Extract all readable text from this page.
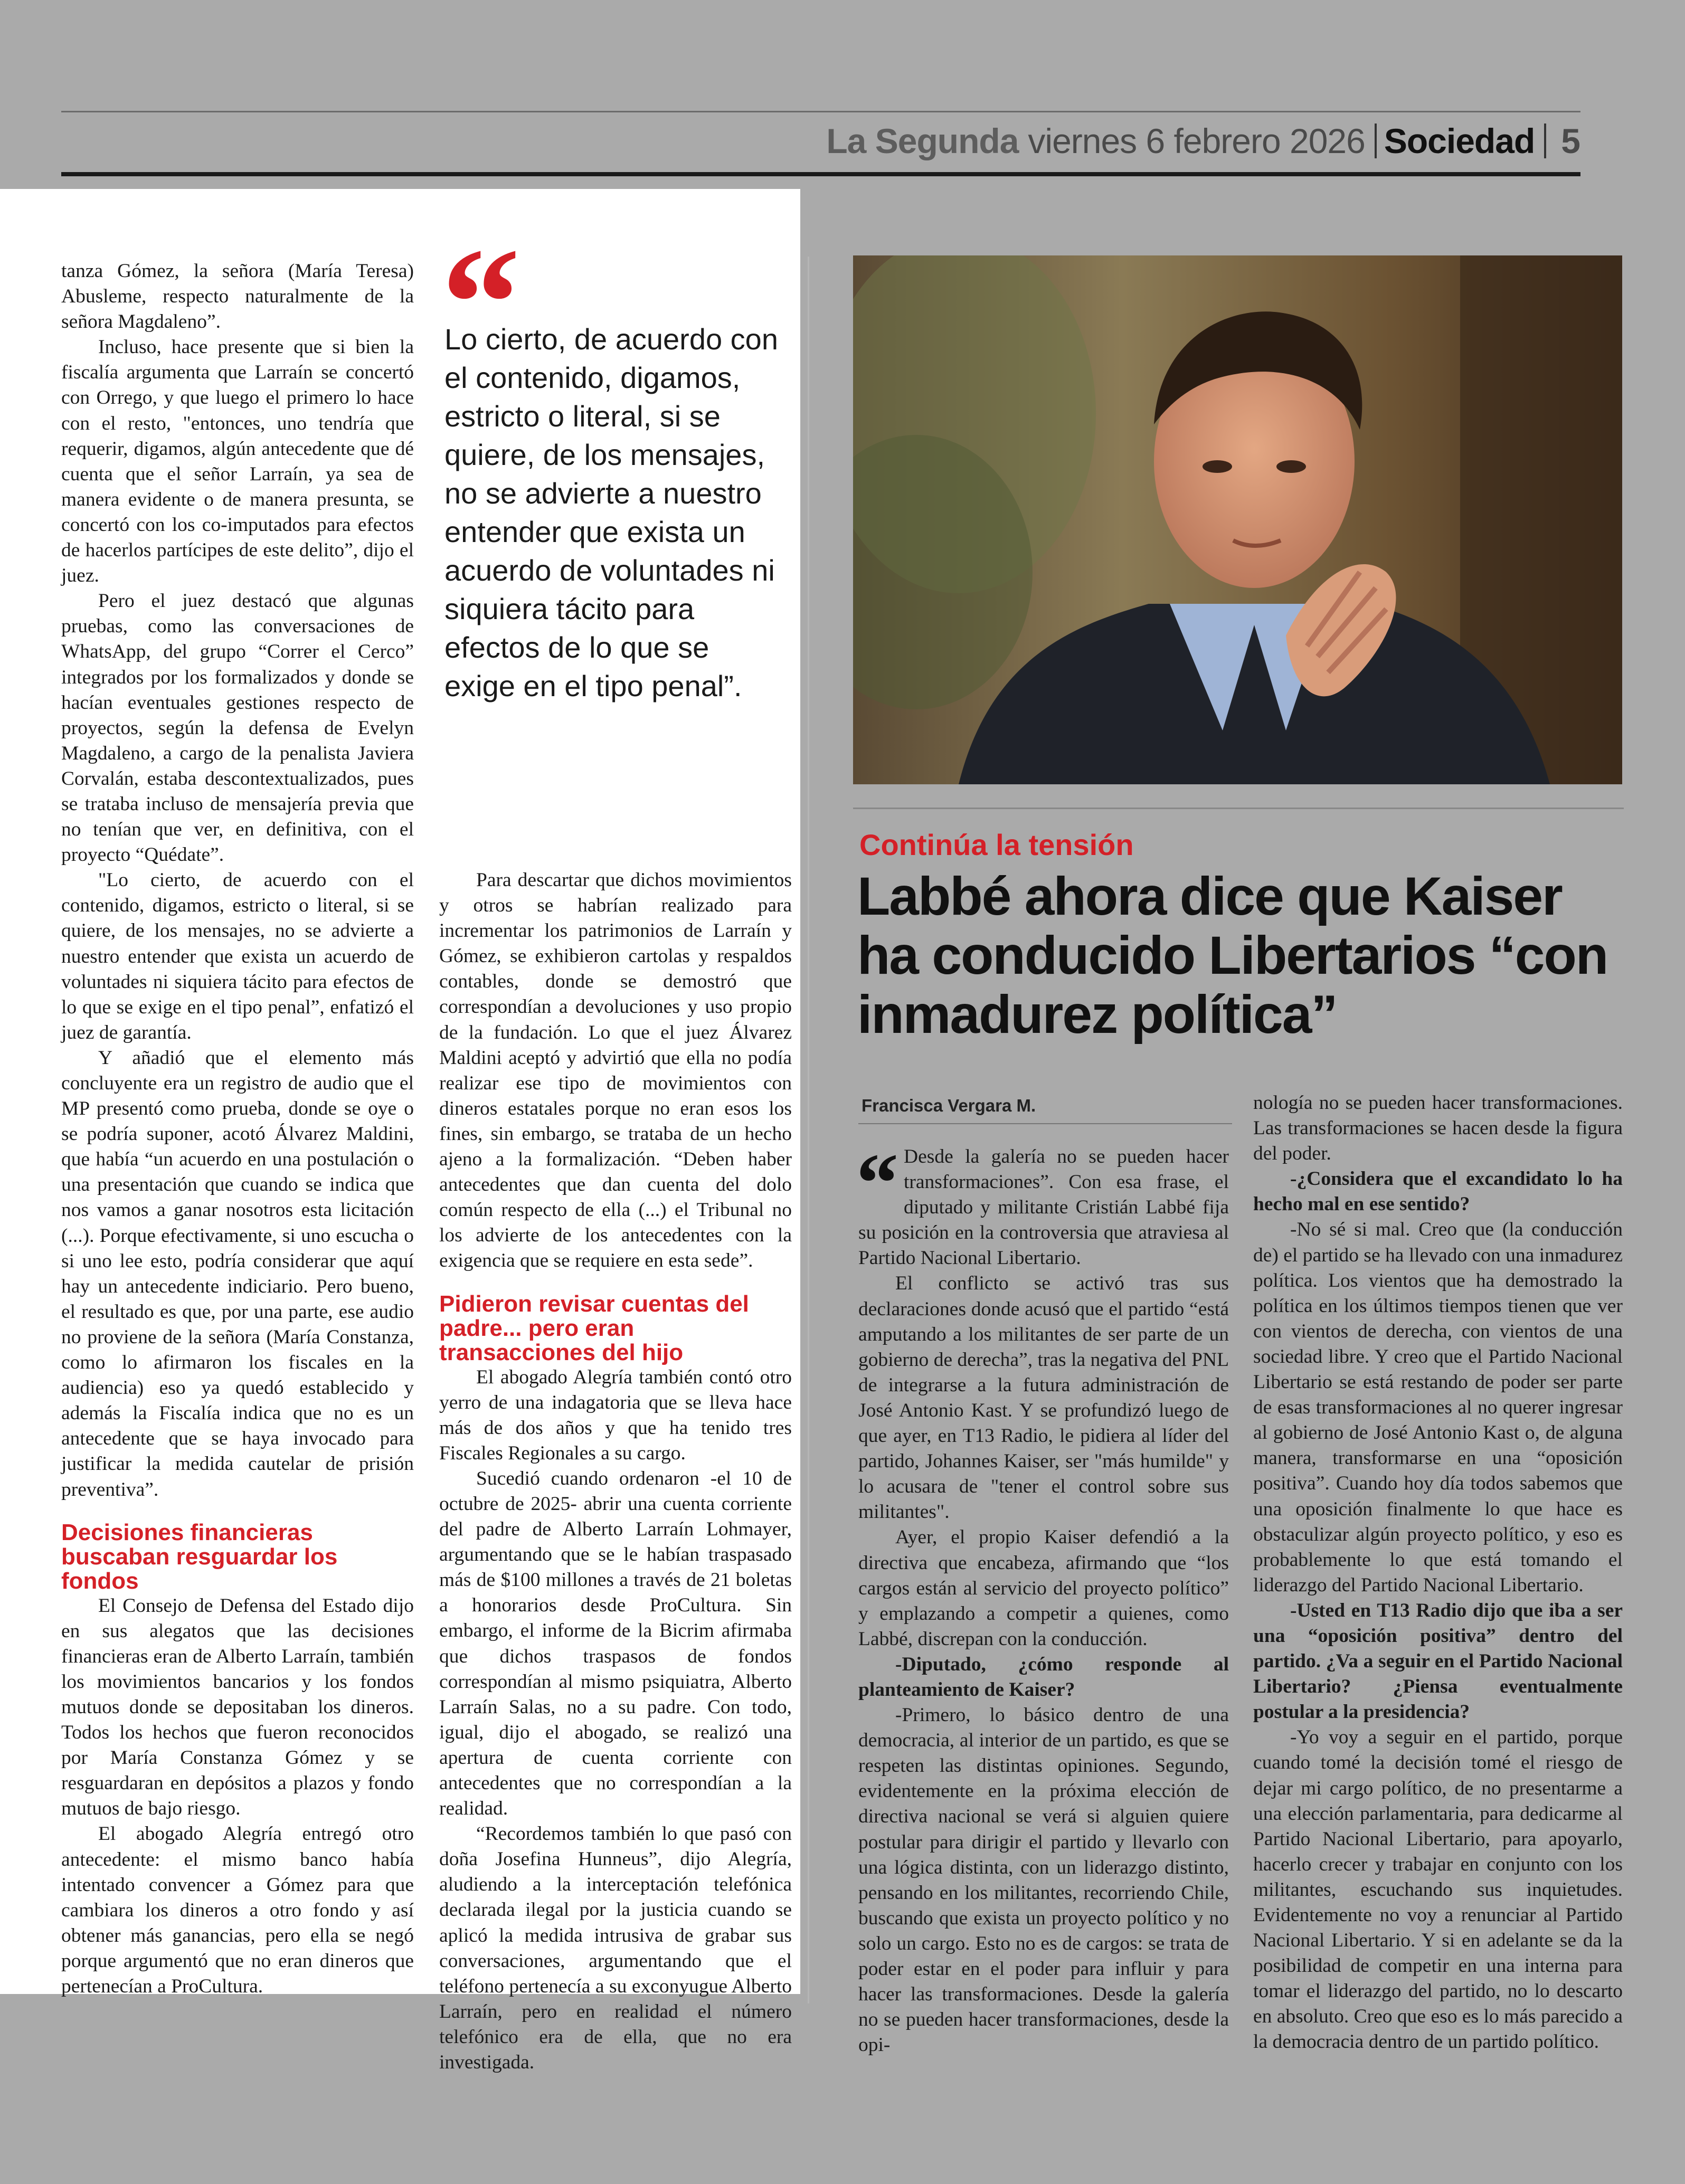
La Segunda viernes 6 febrero 2026 Sociedad 5

tanza Gómez, la señora (María Teresa) Abusleme, respecto naturalmente de la señora Magdaleno”.

Incluso, hace presente que si bien la fiscalía argumenta que Larraín se concertó con Orrego, y que luego el primero lo hace con el resto, "entonces, uno tendría que requerir, digamos, algún antecedente que dé cuenta que el señor Larraín, ya sea de manera evidente o de manera presunta, se concertó con los co-imputados para efectos de hacerlos partícipes de este delito”, dijo el juez.

Pero el juez destacó que algunas pruebas, como las conversaciones de WhatsApp, del grupo “Correr el Cerco” integrados por los formalizados y donde se hacían eventuales gestiones respecto de proyectos, según la defensa de Evelyn Magdaleno, a cargo de la penalista Javiera Corvalán, estaba descontextualizados, pues se trataba incluso de mensajería previa que no tenían que ver, en definitiva, con el proyecto “Quédate”.

"Lo cierto, de acuerdo con el contenido, digamos, estricto o literal, si se quiere, de los mensajes, no se advierte a nuestro entender que exista un acuerdo de voluntades ni siquiera tácito para efectos de lo que se exige en el tipo penal”, enfatizó el juez de garantía.

Y añadió que el elemento más concluyente era un registro de audio que el MP presentó como prueba, donde se oye o se podría suponer, acotó Álvarez Maldini, que había “un acuerdo en una postulación o una presentación que cuando se indica que nos vamos a ganar nosotros esta licitación (...). Porque efectivamente, si uno escucha o si uno lee esto, podría considerar que aquí hay un antecedente indiciario. Pero bueno, el resultado es que, por una parte, ese audio no proviene de la señora (María Constanza, como lo afirmaron los fiscales en la audiencia) eso ya quedó establecido y además la Fiscalía indica que no es un antecedente que se haya invocado para justificar la medida cautelar de prisión preventiva”.

Decisiones financieras buscaban resguardar los fondos

El Consejo de Defensa del Estado dijo en sus alegatos que las decisiones financieras eran de Alberto Larraín, también los movimientos bancarios y los fondos mutuos donde se depositaban los dineros. Todos los hechos que fueron reconocidos por María Constanza Gómez y se resguardaran en depósitos a plazos y fondo mutuos de bajo riesgo.

El abogado Alegría entregó otro antecedente: el mismo banco había intentado convencer a Gómez para que cambiara los dineros a otro fondo y así obtener más ganancias, pero ella se negó porque argumentó que no eran dineros que pertenecían a ProCultura.

“
Lo cierto, de acuerdo con el contenido, digamos, estricto o literal, si se quiere, de los mensajes, no se advierte a nuestro entender que exista un acuerdo de voluntades ni siquiera tácito para efectos de lo que se exige en el tipo penal”.

Para descartar que dichos movimientos y otros se habrían realizado para incrementar los patrimonios de Larraín y Gómez, se exhibieron cartolas y respaldos contables, donde se demostró que correspondían a devoluciones y uso propio de la fundación. Lo que el juez Álvarez Maldini aceptó y advirtió que ella no podía realizar ese tipo de movimientos con dineros estatales porque no eran esos los fines, sin embargo, se trataba de un hecho ajeno a la formalización. “Deben haber antecedentes que dan cuenta del dolo común respecto de ella (...) el Tribunal no los advierte de los antecedentes con la exigencia que se requiere en esta sede”.

Pidieron revisar cuentas del padre... pero eran transacciones del hijo

El abogado Alegría también contó otro yerro de una indagatoria que se lleva hace más de dos años y que ha tenido tres Fiscales Regionales a su cargo.

Sucedió cuando ordenaron -el 10 de octubre de 2025- abrir una cuenta corriente del padre de Alberto Larraín Lohmayer, argumentando que se le habían traspasado más de $100 millones a través de 21 boletas a honorarios desde ProCultura. Sin embargo, el informe de la Bicrim afirmaba que dichos traspasos de fondos correspondían al mismo psiquiatra, Alberto Larraín Salas, no a su padre. Con todo, igual, dijo el abogado, se realizó una apertura de cuenta corriente con antecedentes que no correspondían a la realidad.

“Recordemos también lo que pasó con doña Josefina Hunneus”, dijo Alegría, aludiendo a la interceptación telefónica declarada ilegal por la justicia cuando se aplicó la medida intrusiva de grabar sus conversaciones, argumentando que el teléfono pertenecía a su exconyugue Alberto Larraín, pero en realidad el número telefónico era de ella, que no era investigada.

Continúa la tensión
Labbé ahora dice que Kaiser ha conducido Libertarios “con inmadurez política”
Francisca Vergara M.

“ Desde la galería no se pueden hacer transformaciones”. Con esa frase, el diputado y militante Cristián Labbé fija su posición en la controversia que atraviesa al Partido Nacional Libertario.

El conflicto se activó tras sus declaraciones donde acusó que el partido “está amputando a los militantes de ser parte de un gobierno de derecha”, tras la negativa del PNL de integrarse a la futura administración de José Antonio Kast. Y se profundizó luego de que ayer, en T13 Radio, le pidiera al líder del partido, Johannes Kaiser, ser "más humilde" y lo acusara de "tener el control sobre sus militantes".

Ayer, el propio Kaiser defendió a la directiva que encabeza, afirmando que “los cargos están al servicio del proyecto político” y emplazando a competir a quienes, como Labbé, discrepan con la conducción.

-Diputado, ¿cómo responde al planteamiento de Kaiser?

-Primero, lo básico dentro de una democracia, al interior de un partido, es que se respeten las distintas opiniones. Segundo, evidentemente en la próxima elección de directiva nacional se verá si alguien quiere postular para dirigir el partido y llevarlo con una lógica distinta, con un liderazgo distinto, pensando en los militantes, recorriendo Chile, buscando que exista un proyecto político y no solo un cargo. Esto no es de cargos: se trata de poder estar en el poder para influir y para hacer las transformaciones. Desde la galería no se pueden hacer transformaciones, desde la opi-

nología no se pueden hacer transformaciones. Las transformaciones se hacen desde la figura del poder.

-¿Considera que el excandidato lo ha hecho mal en ese sentido?

-No sé si mal. Creo que (la conducción de) el partido se ha llevado con una inmadurez política. Los vientos que ha demostrado la política en los últimos tiempos tienen que ver con vientos de derecha, con vientos de una sociedad libre. Y creo que el Partido Nacional Libertario se está restando de poder ser parte de esas transformaciones al no querer ingresar al gobierno de José Antonio Kast o, de alguna manera, transformarse en una “oposición positiva”. Cuando hoy día todos sabemos que una oposición finalmente lo que hace es obstaculizar algún proyecto político, y eso es probablemente lo que está tomando el liderazgo del Partido Nacional Libertario.

-Usted en T13 Radio dijo que iba a ser una “oposición positiva” dentro del partido. ¿Va a seguir en el Partido Nacional Libertario? ¿Piensa eventualmente postular a la presidencia?

-Yo voy a seguir en el partido, porque cuando tomé la decisión tomé el riesgo de dejar mi cargo político, de no presentarme a una elección parlamentaria, para dedicarme al Partido Nacional Libertario, para apoyarlo, hacerlo crecer y trabajar en conjunto con los militantes, escuchando sus inquietudes. Evidentemente no voy a renunciar al Partido Nacional Libertario. Y si en adelante se da la posibilidad de competir en una interna para tomar el liderazgo del partido, no lo descarto en absoluto. Creo que eso es lo más parecido a la democracia dentro de un partido político.
